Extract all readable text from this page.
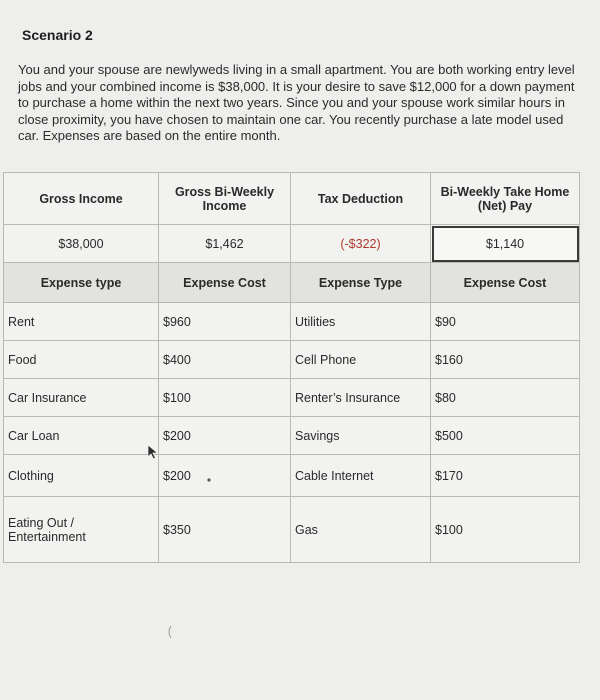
Scenario 2
You and your spouse are newlyweds living in a small apartment. You are both working entry level jobs and your combined income is $38,000. It is your desire to save $12,000 for a down payment to purchase a home within the next two years. Since you and your spouse work similar hours in close proximity, you have chosen to maintain one car. You recently purchase a late model used car. Expenses are based on the entire month.
Gross Income	Gross Bi-Weekly Income	Tax Deduction	Bi-Weekly Take Home (Net) Pay
$38,000	$1,462	(-$322)	$1,140
Expense type	Expense Cost	Expense Type	Expense Cost
Rent	$960	Utilities	$90
Food	$400	Cell Phone	$160
Car Insurance	$100	Renter’s Insurance	$80
Car Loan	$200	Savings	$500
Clothing	$200	Cable Internet	$170
Eating Out / Entertainment	$350	Gas	$100
